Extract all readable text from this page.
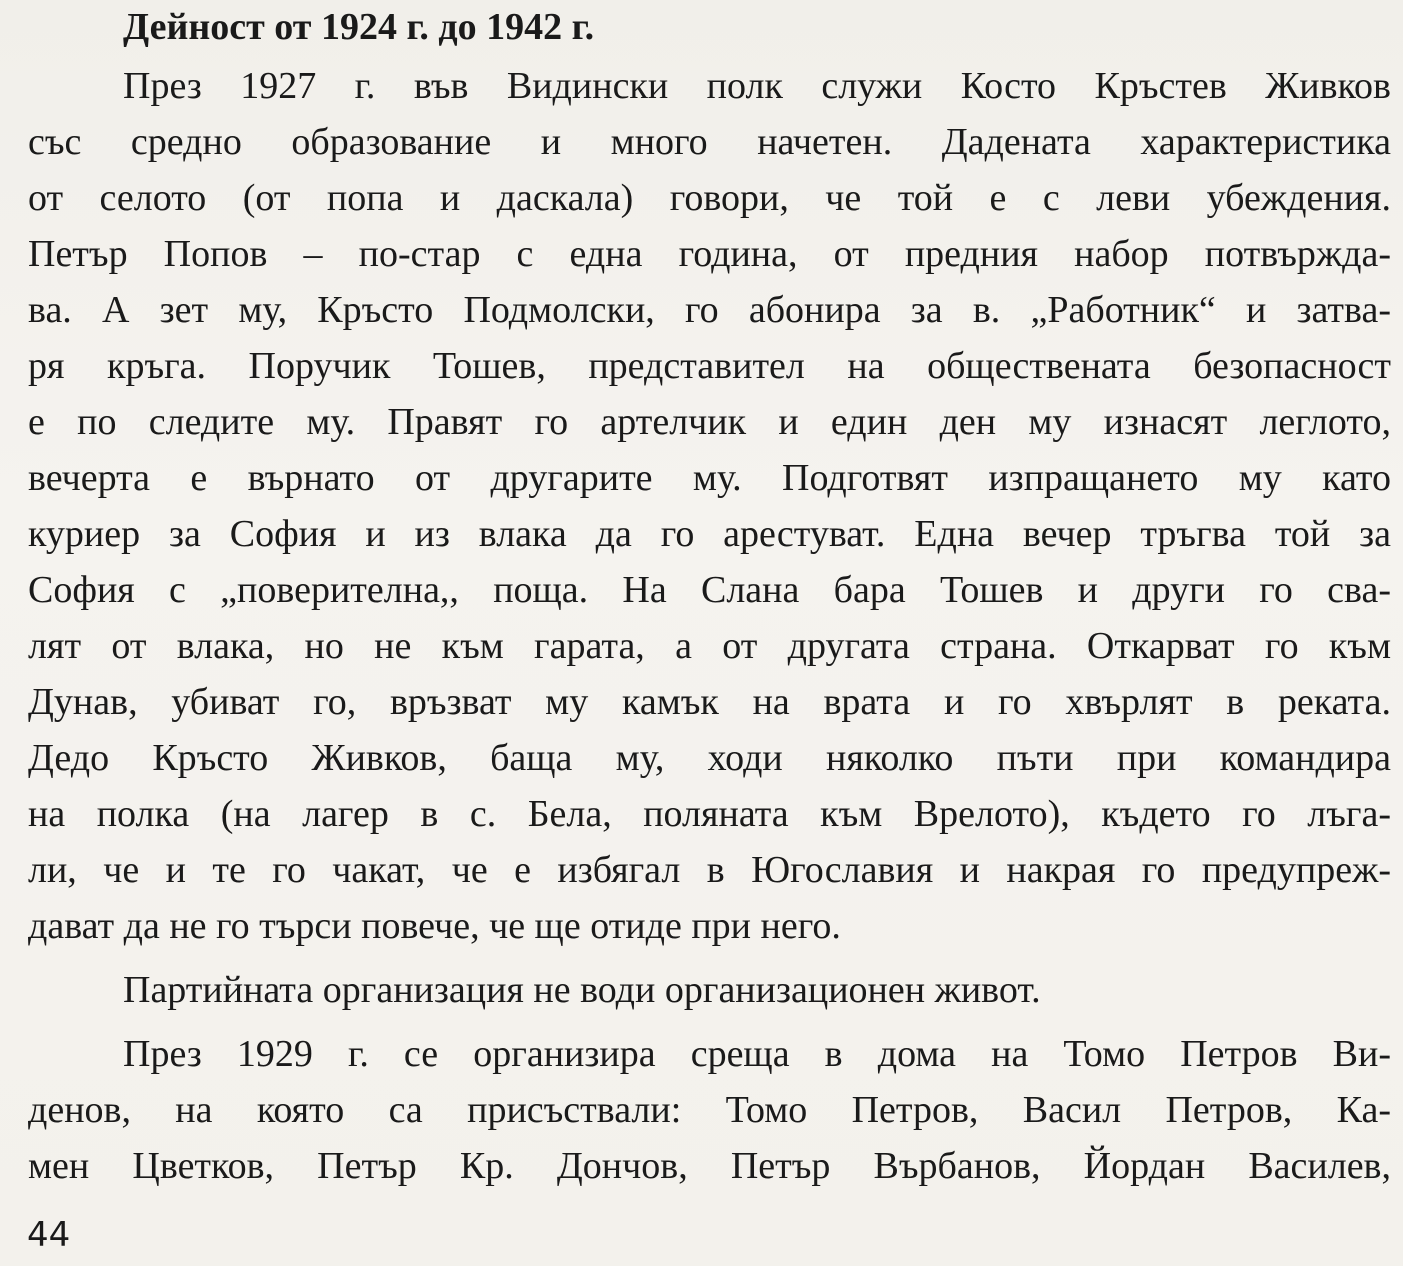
Дейност от 1924 г. до 1942 г.

През 1927 г. във Видински полк служи Косто Кръстев Живков

със средно образование и много начетен. Дадената характеристика

от селото (от попа и даскала) говори, че той е с леви убеждения.

Петър Попов – по-стар с една година, от предния набор потвърждa-

ва. А зет му, Кръсто Подмолски, го абонира за в. „Работник“ и затва-

ря кръга. Поручик Тошев, представител на обществената безопасност

е по следите му. Правят го артелчик и един ден му изнасят леглото,

вечерта е върнато от другарите му. Подготвят изпращането му като

куриер за София и из влака да го арестуват. Една вечер тръгва той за

София с „поверителна,, поща. На Слана бара Тошев и други го сва-

лят от влака, но не към гарата, а от другата страна. Откарват го към

Дунав, убиват го, връзват му камък на врата и го хвърлят в реката.

Дедо Кръсто Живков, баща му, ходи няколко пъти при командира

на полка (на лагер в с. Бела, поляната към Врелото), където го лъга-

ли, че и те го чакат, че е избягал в Югославия и накрая го предупреж-

дават да не го търси повече, че ще отиде при него.

Партийната организация не води организационен живот.

През 1929 г. се организира среща в дома на Томо Петров Ви-

денов, на която са присъствали: Томо Петров, Васил Петров, Ка-

мен Цветков, Петър Кр. Дончов, Петър Върбанов, Йордан Василев,

44
